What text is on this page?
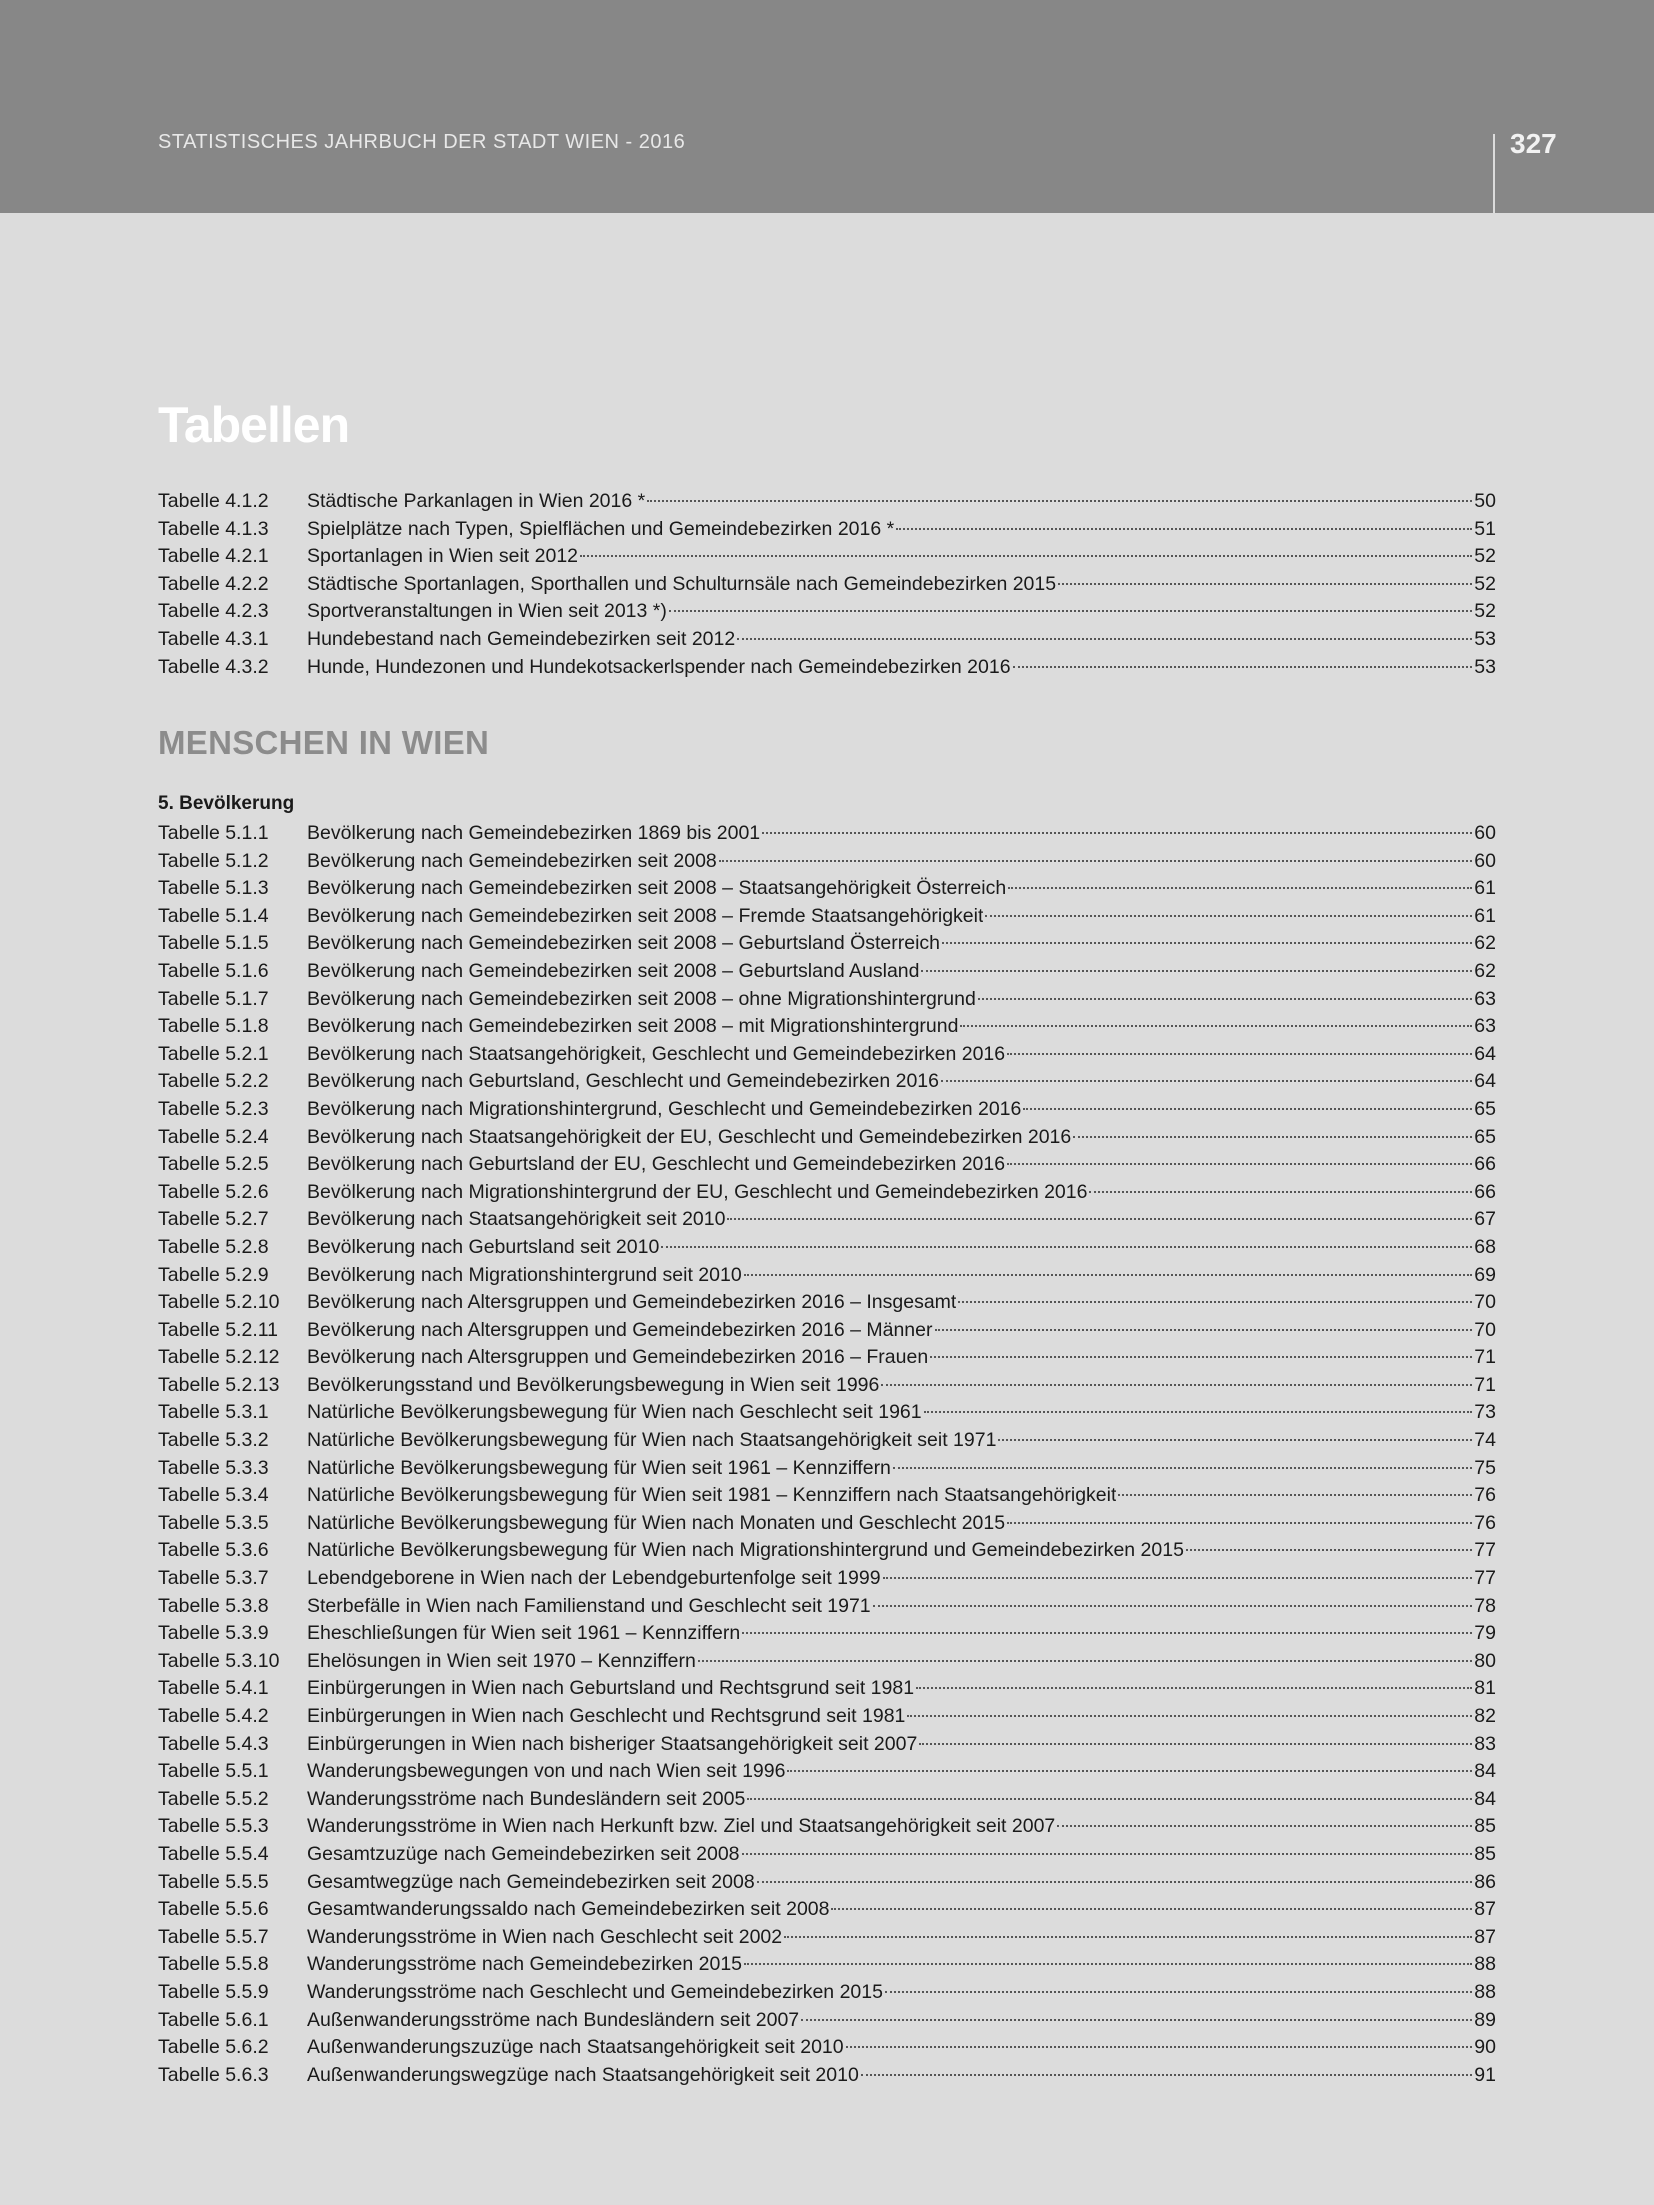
STATISTISCHES JAHRBUCH DER STADT WIEN - 2016	327
Tabellen
Tabelle 4.1.2	Städtische Parkanlagen in Wien 2016 *	50
Tabelle 4.1.3	Spielplätze nach Typen, Spielflächen und Gemeindebezirken 2016 *	51
Tabelle 4.2.1	Sportanlagen in Wien seit 2012	52
Tabelle 4.2.2	Städtische Sportanlagen, Sporthallen und Schulturnsäle nach Gemeindebezirken 2015	52
Tabelle 4.2.3	Sportveranstaltungen in Wien seit 2013 *)	52
Tabelle 4.3.1	Hundebestand nach Gemeindebezirken seit 2012	53
Tabelle 4.3.2	Hunde, Hundezonen und Hundekotsackerlspender nach Gemeindebezirken 2016	53
MENSCHEN IN WIEN
5. Bevölkerung
Tabelle 5.1.1	Bevölkerung nach Gemeindebezirken 1869 bis 2001	60
Tabelle 5.1.2	Bevölkerung nach Gemeindebezirken seit 2008	60
Tabelle 5.1.3	Bevölkerung nach Gemeindebezirken seit 2008 – Staatsangehörigkeit Österreich	61
Tabelle 5.1.4	Bevölkerung nach Gemeindebezirken seit 2008 – Fremde Staatsangehörigkeit	61
Tabelle 5.1.5	Bevölkerung nach Gemeindebezirken seit 2008 – Geburtsland Österreich	62
Tabelle 5.1.6	Bevölkerung nach Gemeindebezirken seit 2008 – Geburtsland Ausland	62
Tabelle 5.1.7	Bevölkerung nach Gemeindebezirken seit 2008 – ohne Migrationshintergrund	63
Tabelle 5.1.8	Bevölkerung nach Gemeindebezirken seit 2008 – mit Migrationshintergrund	63
Tabelle 5.2.1	Bevölkerung nach Staatsangehörigkeit, Geschlecht und Gemeindebezirken 2016	64
Tabelle 5.2.2	Bevölkerung nach Geburtsland, Geschlecht und Gemeindebezirken 2016	64
Tabelle 5.2.3	Bevölkerung nach Migrationshintergrund, Geschlecht und Gemeindebezirken 2016	65
Tabelle 5.2.4	Bevölkerung nach Staatsangehörigkeit der EU, Geschlecht und Gemeindebezirken 2016	65
Tabelle 5.2.5	Bevölkerung nach Geburtsland der EU, Geschlecht und Gemeindebezirken 2016	66
Tabelle 5.2.6	Bevölkerung nach Migrationshintergrund der EU, Geschlecht und Gemeindebezirken 2016	66
Tabelle 5.2.7	Bevölkerung nach Staatsangehörigkeit seit 2010	67
Tabelle 5.2.8	Bevölkerung nach Geburtsland seit 2010	68
Tabelle 5.2.9	Bevölkerung nach Migrationshintergrund seit 2010	69
Tabelle 5.2.10	Bevölkerung nach Altersgruppen und Gemeindebezirken 2016 – Insgesamt	70
Tabelle 5.2.11	Bevölkerung nach Altersgruppen und Gemeindebezirken 2016 – Männer	70
Tabelle 5.2.12	Bevölkerung nach Altersgruppen und Gemeindebezirken 2016 – Frauen	71
Tabelle 5.2.13	Bevölkerungsstand und Bevölkerungsbewegung in Wien seit 1996	71
Tabelle 5.3.1	Natürliche Bevölkerungsbewegung für Wien nach Geschlecht seit 1961	73
Tabelle 5.3.2	Natürliche Bevölkerungsbewegung für Wien nach Staatsangehörigkeit seit 1971	74
Tabelle 5.3.3	Natürliche Bevölkerungsbewegung für Wien seit 1961 – Kennziffern	75
Tabelle 5.3.4	Natürliche Bevölkerungsbewegung für Wien seit 1981 – Kennziffern nach Staatsangehörigkeit	76
Tabelle 5.3.5	Natürliche Bevölkerungsbewegung für Wien nach Monaten und Geschlecht 2015	76
Tabelle 5.3.6	Natürliche Bevölkerungsbewegung für Wien nach Migrationshintergrund und Gemeindebezirken 2015	77
Tabelle 5.3.7	Lebendgeborene in Wien nach der Lebendgeburtenfolge seit 1999	77
Tabelle 5.3.8	Sterbefälle in Wien nach Familienstand und Geschlecht seit 1971	78
Tabelle 5.3.9	Eheschließungen für Wien seit 1961 – Kennziffern	79
Tabelle 5.3.10	Ehelösungen in Wien seit 1970 – Kennziffern	80
Tabelle 5.4.1	Einbürgerungen in Wien nach Geburtsland und Rechtsgrund seit 1981	81
Tabelle 5.4.2	Einbürgerungen in Wien nach Geschlecht und Rechtsgrund seit 1981	82
Tabelle 5.4.3	Einbürgerungen in Wien nach bisheriger Staatsangehörigkeit seit 2007	83
Tabelle 5.5.1	Wanderungsbewegungen von und nach Wien seit 1996	84
Tabelle 5.5.2	Wanderungsströme nach Bundesländern seit 2005	84
Tabelle 5.5.3	Wanderungsströme in Wien nach Herkunft bzw. Ziel und Staatsangehörigkeit seit 2007	85
Tabelle 5.5.4	Gesamtzuzüge nach Gemeindebezirken seit 2008	85
Tabelle 5.5.5	Gesamtwegzüge nach Gemeindebezirken seit 2008	86
Tabelle 5.5.6	Gesamtwanderungssaldo nach Gemeindebezirken seit 2008	87
Tabelle 5.5.7	Wanderungsströme in Wien nach Geschlecht seit 2002	87
Tabelle 5.5.8	Wanderungsströme nach Gemeindebezirken 2015	88
Tabelle 5.5.9	Wanderungsströme nach Geschlecht und Gemeindebezirken 2015	88
Tabelle 5.6.1	Außenwanderungsströme nach Bundesländern seit 2007	89
Tabelle 5.6.2	Außenwanderungszuzüge nach Staatsangehörigkeit seit 2010	90
Tabelle 5.6.3	Außenwanderungswegzüge nach Staatsangehörigkeit seit 2010	91
